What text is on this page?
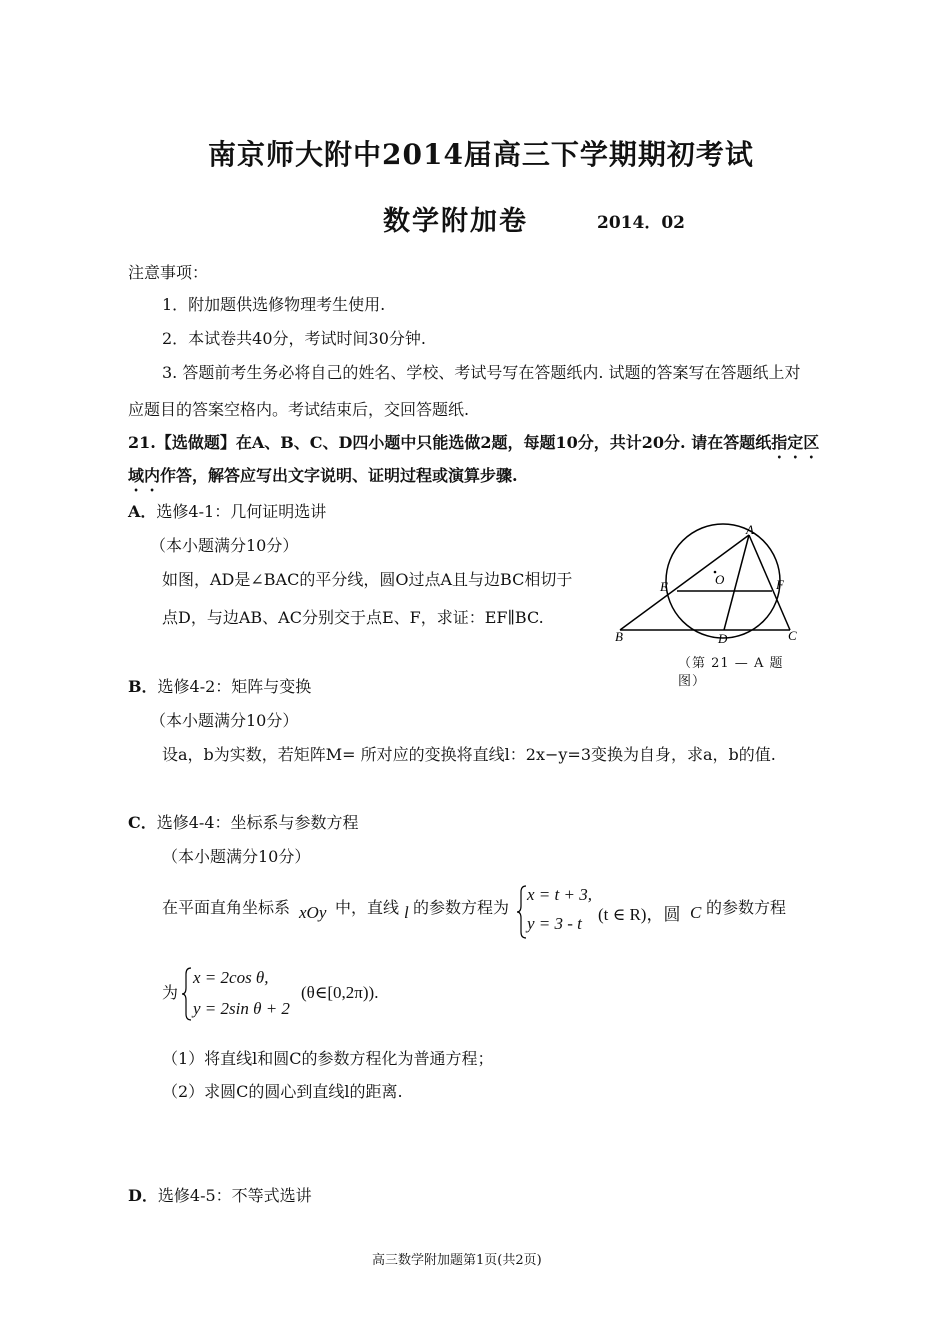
南京师大附中2014届高三下学期期初考试
数学附加卷	2014．02
注意事项：
1．附加题供选修物理考生使用.
2．本试卷共40分，考试时间30分钟.
3. 答题前考生务必将自己的姓名、学校、考试号写在答题纸内. 试题的答案写在答题纸上对
应题目的答案空格内。考试结束后，交回答题纸.
21.【选做题】在A、B、C、D四小题中只能选做2题，每题10分，共计20分. 请在答题纸指定区
域内作答，解答应写出文字说明、证明过程或演算步骤.
A．选修4-1：几何证明选讲
（本小题满分10分）
如图，AD是∠BAC的平分线，圆O过点A且与边BC相切于
点D，与边AB、AC分别交于点E、F，求证：EF∥BC.
A
O
E	F
B	D	C
（第 21 — A 题
图）
B．选修4-2：矩阵与变换
（本小题满分10分）
设a，b为实数，若矩阵M= 所对应的变换将直线l：2x−y=3变换为自身，求a，b的值.
C．选修4-4：坐标系与参数方程
（本小题满分10分）
在平面直角坐标系 xOy 中，直线 l 的参数方程为
x = t + 3,
y = 3 - t (t ∈ R)，圆 C 的参数方程
为
x = 2cos θ,
y = 2sin θ + 2
(θ∈[0,2π)).
（1）将直线l和圆C的参数方程化为普通方程；
（2）求圆C的圆心到直线l的距离.
D．选修4-5：不等式选讲
高三数学附加题第1页(共2页)
